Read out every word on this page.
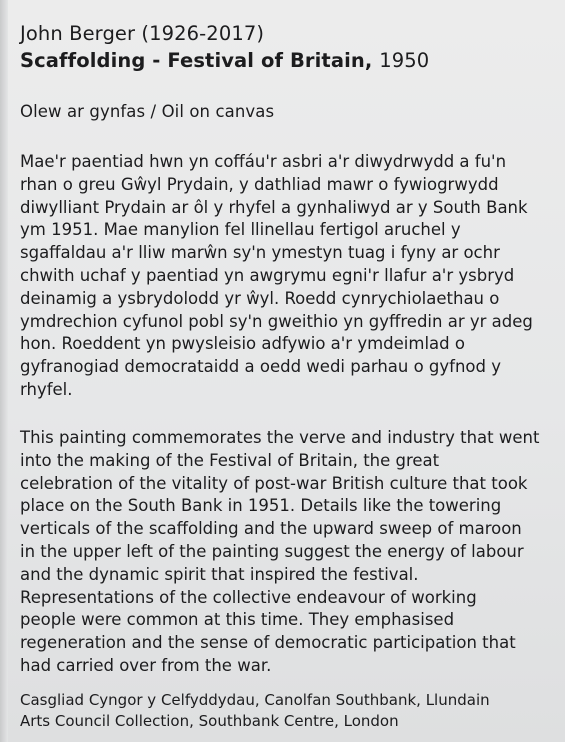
John Berger (1926-2017)
Scaffolding - Festival of Britain, 1950
Olew ar gynfas / Oil on canvas
Mae'r paentiad hwn yn coffáu'r asbri a'r diwydrwydd a fu'n
rhan o greu Gŵyl Prydain, y dathliad mawr o fywiogrwydd
diwylliant Prydain ar ôl y rhyfel a gynhaliwyd ar y South Bank
ym 1951. Mae manylion fel llinellau fertigol aruchel y
sgaffaldau a'r lliw marŵn sy'n ymestyn tuag i fyny ar ochr
chwith uchaf y paentiad yn awgrymu egni'r llafur a'r ysbryd
deinamig a ysbrydolodd yr ŵyl. Roedd cynrychiolaethau o
ymdrechion cyfunol pobl sy'n gweithio yn gyffredin ar yr adeg
hon. Roeddent yn pwysleisio adfywio a'r ymdeimlad o
gyfranogiad democrataidd a oedd wedi parhau o gyfnod y
rhyfel.
This painting commemorates the verve and industry that went
into the making of the Festival of Britain, the great
celebration of the vitality of post-war British culture that took
place on the South Bank in 1951. Details like the towering
verticals of the scaffolding and the upward sweep of maroon
in the upper left of the painting suggest the energy of labour
and the dynamic spirit that inspired the festival.
Representations of the collective endeavour of working
people were common at this time. They emphasised
regeneration and the sense of democratic participation that
had carried over from the war.
Casgliad Cyngor y Celfyddydau, Canolfan Southbank, Llundain
Arts Council Collection, Southbank Centre, London
